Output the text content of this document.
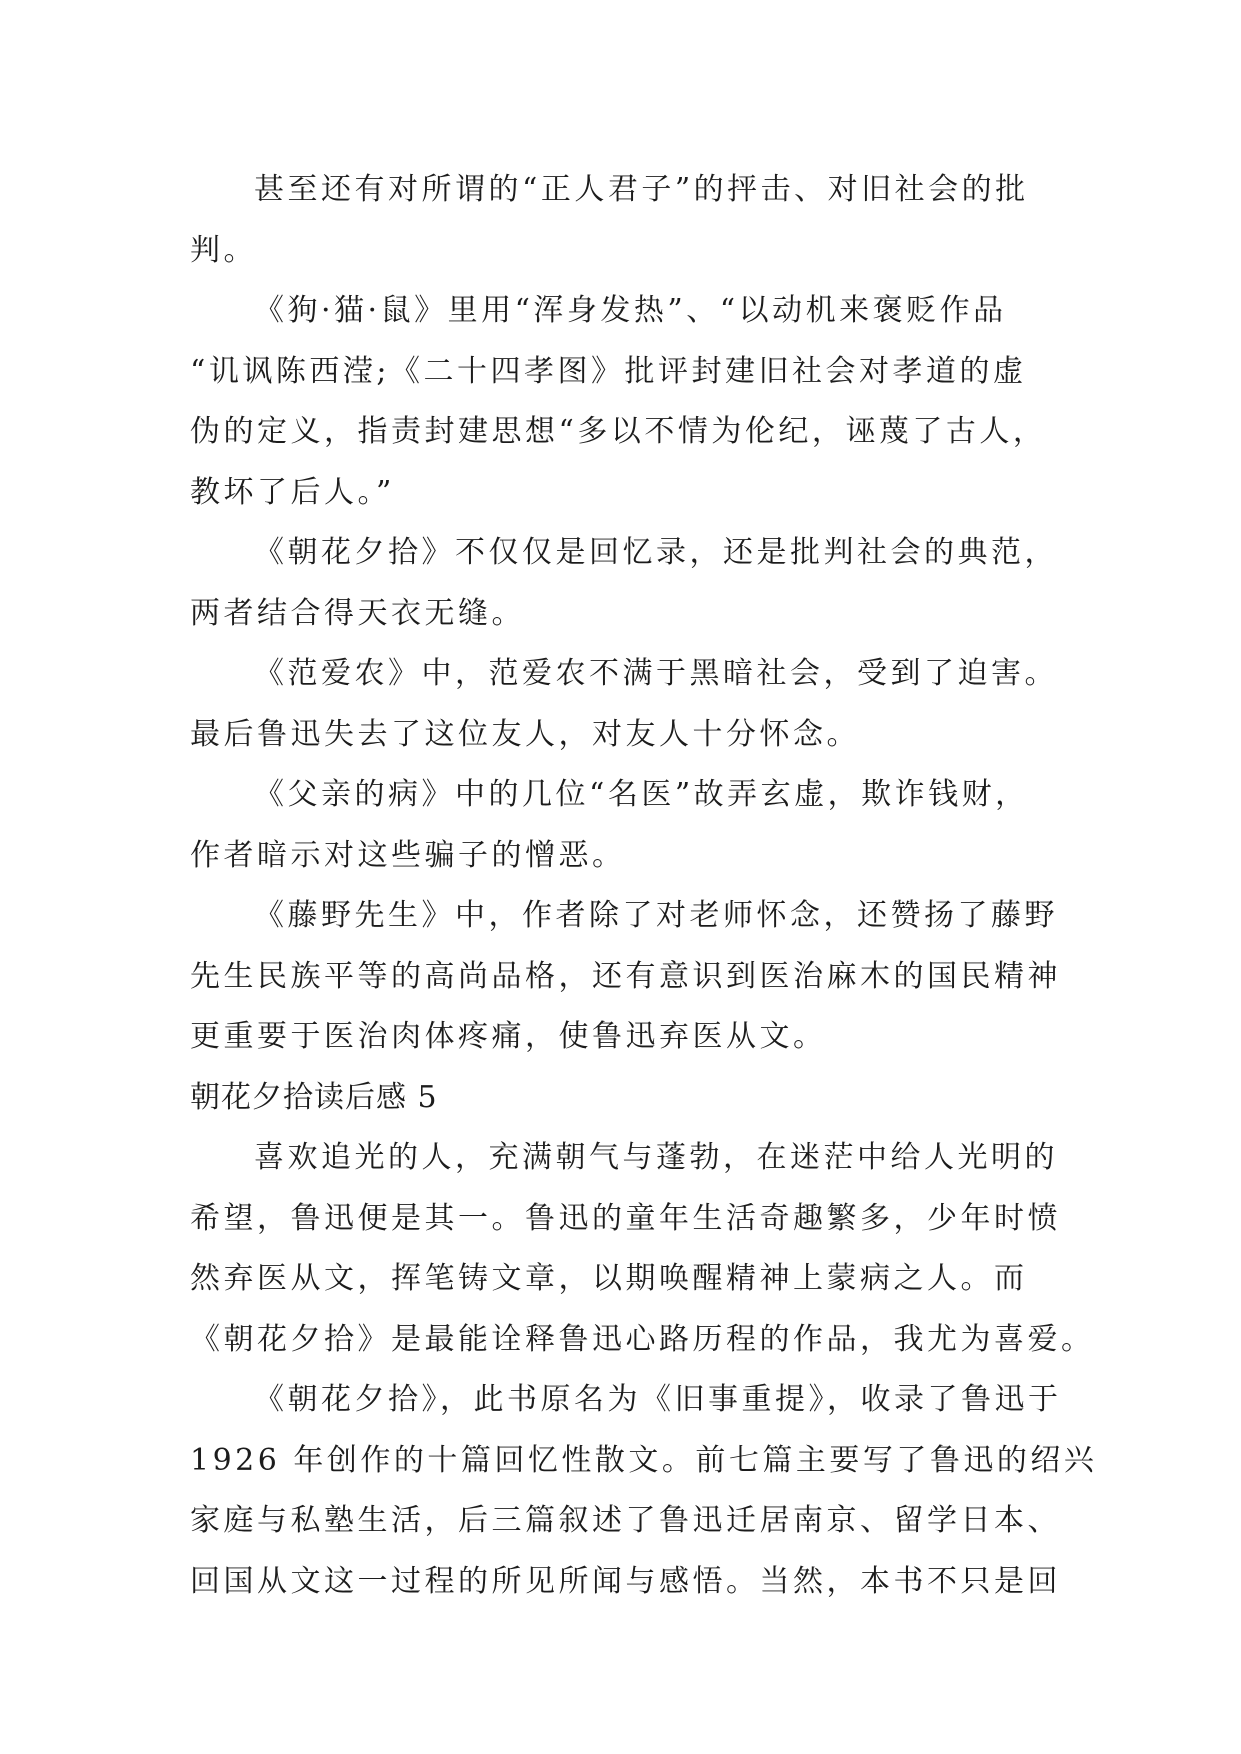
甚至还有对所谓的“正人君子”的抨击、对旧社会的批
判。
《狗·猫·鼠》里用“浑身发热”、“以动机来褒贬作品
“讥讽陈西滢;《二十四孝图》批评封建旧社会对孝道的虚
伪的定义，指责封建思想“多以不情为伦纪，诬蔑了古人，
教坏了后人。”
《朝花夕拾》不仅仅是回忆录，还是批判社会的典范，
两者结合得天衣无缝。
《范爱农》中，范爱农不满于黑暗社会，受到了迫害。
最后鲁迅失去了这位友人，对友人十分怀念。
《父亲的病》中的几位“名医”故弄玄虚，欺诈钱财，
作者暗示对这些骗子的憎恶。
《藤野先生》中，作者除了对老师怀念，还赞扬了藤野
先生民族平等的高尚品格，还有意识到医治麻木的国民精神
更重要于医治肉体疼痛，使鲁迅弃医从文。
朝花夕拾读后感 5
喜欢追光的人，充满朝气与蓬勃，在迷茫中给人光明的
希望，鲁迅便是其一。鲁迅的童年生活奇趣繁多，少年时愤
然弃医从文，挥笔铸文章，以期唤醒精神上蒙病之人。而
《朝花夕拾》是最能诠释鲁迅心路历程的作品，我尤为喜爱。
《朝花夕拾》，此书原名为《旧事重提》，收录了鲁迅于
1926 年创作的十篇回忆性散文。前七篇主要写了鲁迅的绍兴
家庭与私塾生活，后三篇叙述了鲁迅迁居南京、留学日本、
回国从文这一过程的所见所闻与感悟。当然，本书不只是回
